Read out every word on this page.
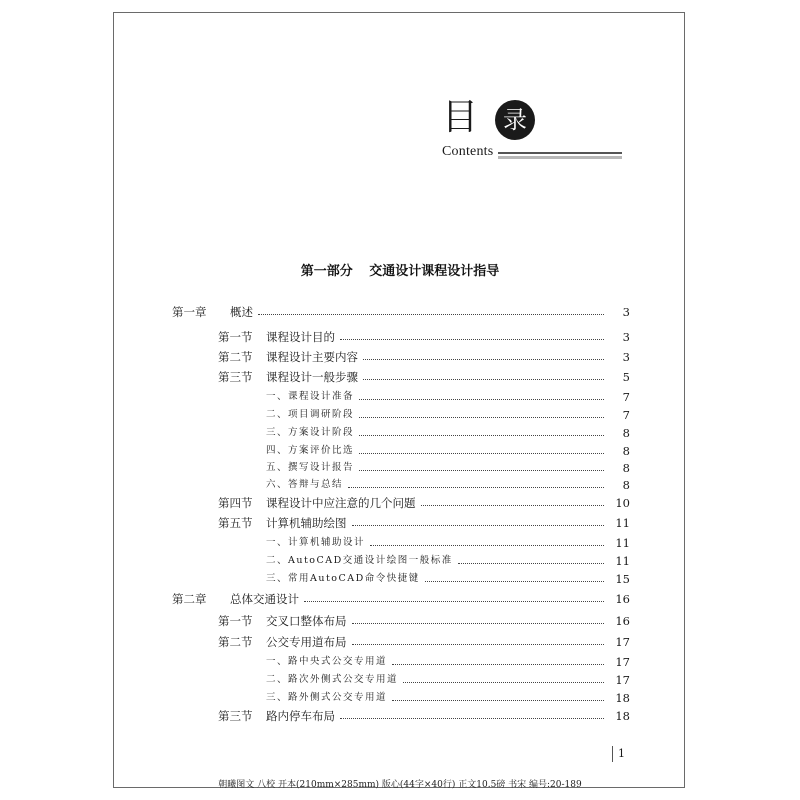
目	录
Contents
第一部分 交通设计课程设计指导
第一章 概述	3
第一节 课程设计目的	3
第二节 课程设计主要内容	3
第三节 课程设计一般步骤	5
一、课程设计准备	7
二、项目调研阶段	7
三、方案设计阶段	8
四、方案评价比选	8
五、撰写设计报告	8
六、答辩与总结	8
第四节 课程设计中应注意的几个问题	10
第五节 计算机辅助绘图	11
一、计算机辅助设计	11
二、AutoCAD交通设计绘图一般标准	11
三、常用AutoCAD命令快捷键	15
第二章 总体交通设计	16
第一节 交叉口整体布局	16
第二节 公交专用道布局	17
一、路中央式公交专用道	17
二、路次外侧式公交专用道	17
三、路外侧式公交专用道	18
第三节 路内停车布局	18
1
朝曦图文 八校 开本(210mm×285mm) 版心(44字×40行) 正文10.5磅 书宋 编号:20-189
